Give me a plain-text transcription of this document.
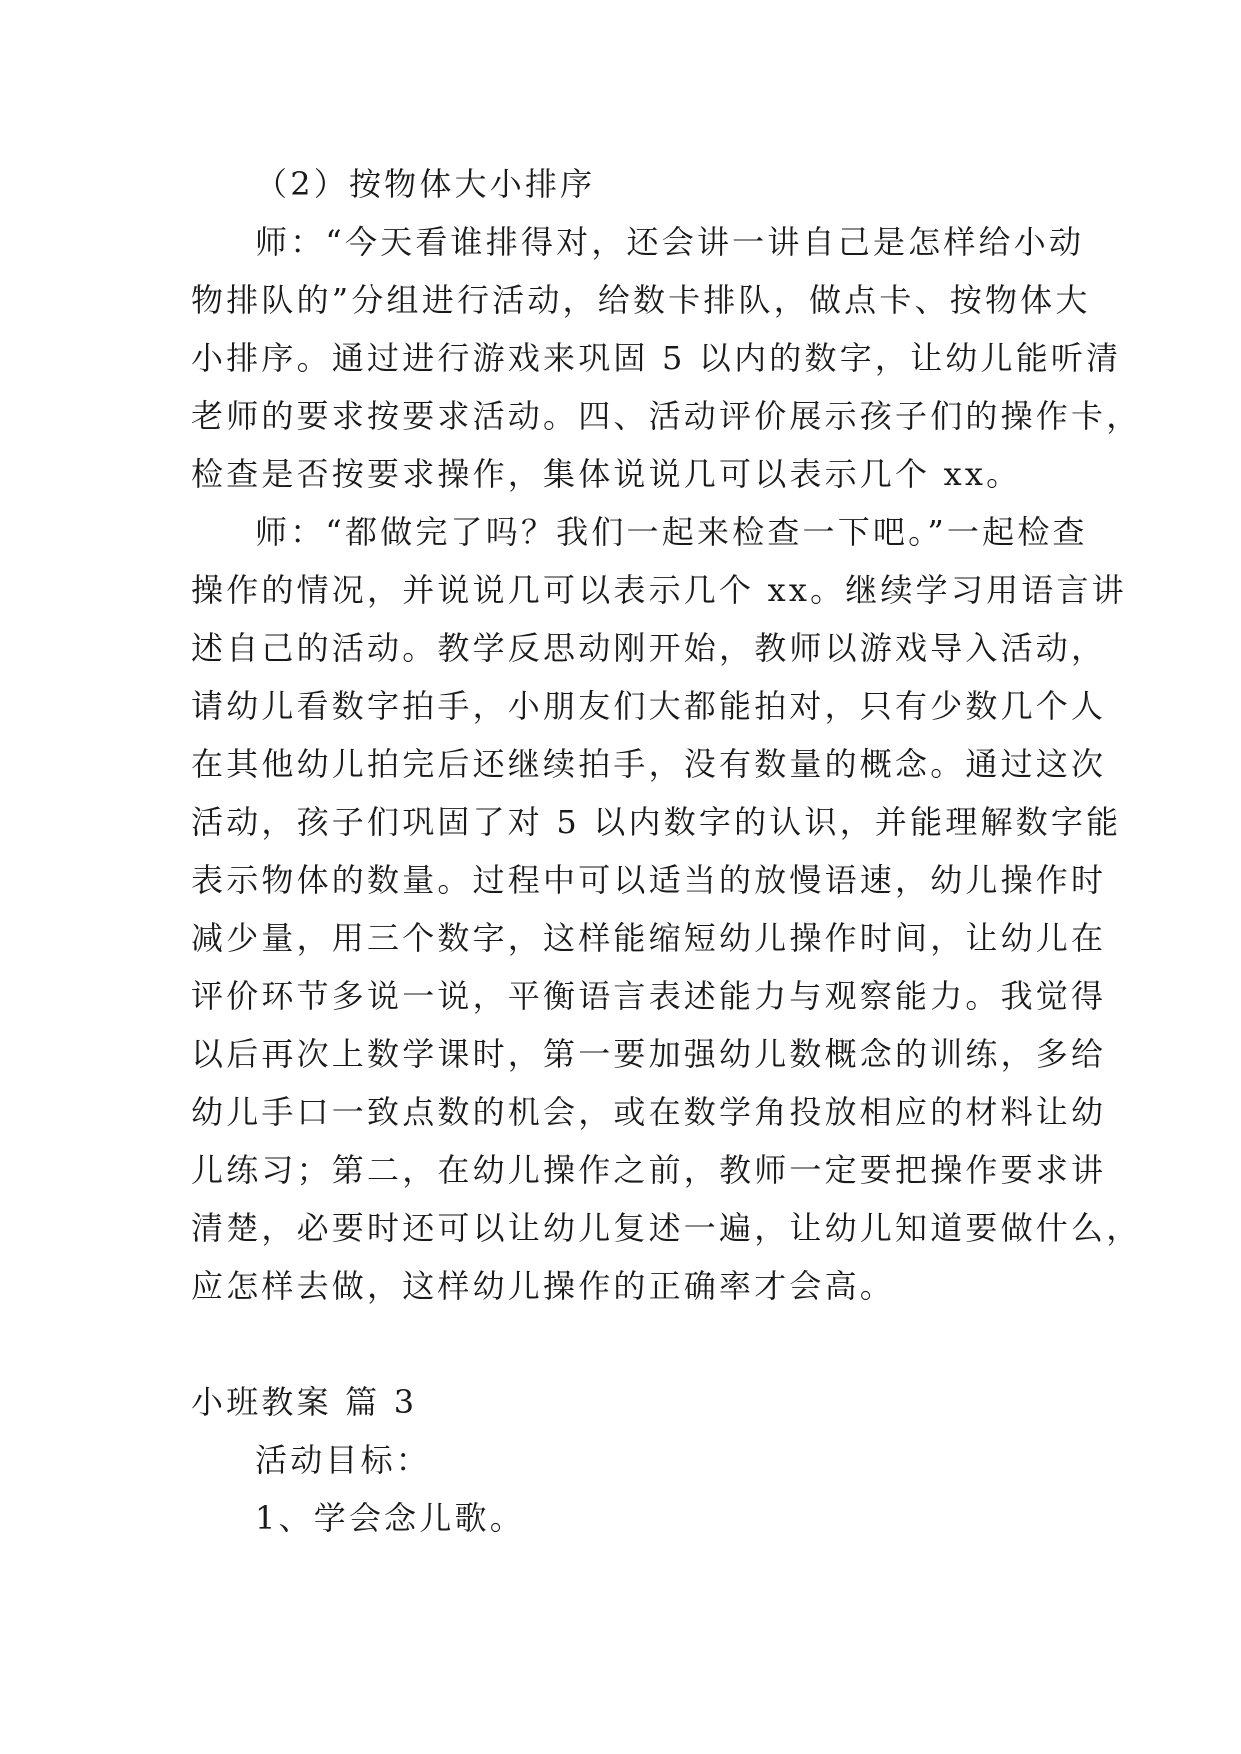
（2）按物体大小排序
师：“今天看谁排得对，还会讲一讲自己是怎样给小动
物排队的”分组进行活动，给数卡排队，做点卡、按物体大
小排序。通过进行游戏来巩固 5 以内的数字，让幼儿能听清
老师的要求按要求活动。四、活动评价展示孩子们的操作卡，
检查是否按要求操作，集体说说几可以表示几个 xx。
师：“都做完了吗？我们一起来检查一下吧。”一起检查
操作的情况，并说说几可以表示几个 xx。继续学习用语言讲
述自己的活动。教学反思动刚开始，教师以游戏导入活动，
请幼儿看数字拍手，小朋友们大都能拍对，只有少数几个人
在其他幼儿拍完后还继续拍手，没有数量的概念。通过这次
活动，孩子们巩固了对 5 以内数字的认识，并能理解数字能
表示物体的数量。过程中可以适当的放慢语速，幼儿操作时
减少量，用三个数字，这样能缩短幼儿操作时间，让幼儿在
评价环节多说一说，平衡语言表述能力与观察能力。我觉得
以后再次上数学课时，第一要加强幼儿数概念的训练，多给
幼儿手口一致点数的机会，或在数学角投放相应的材料让幼
儿练习；第二，在幼儿操作之前，教师一定要把操作要求讲
清楚，必要时还可以让幼儿复述一遍，让幼儿知道要做什么，
应怎样去做，这样幼儿操作的正确率才会高。
小班教案 篇 3
活动目标：
1、学会念儿歌。
